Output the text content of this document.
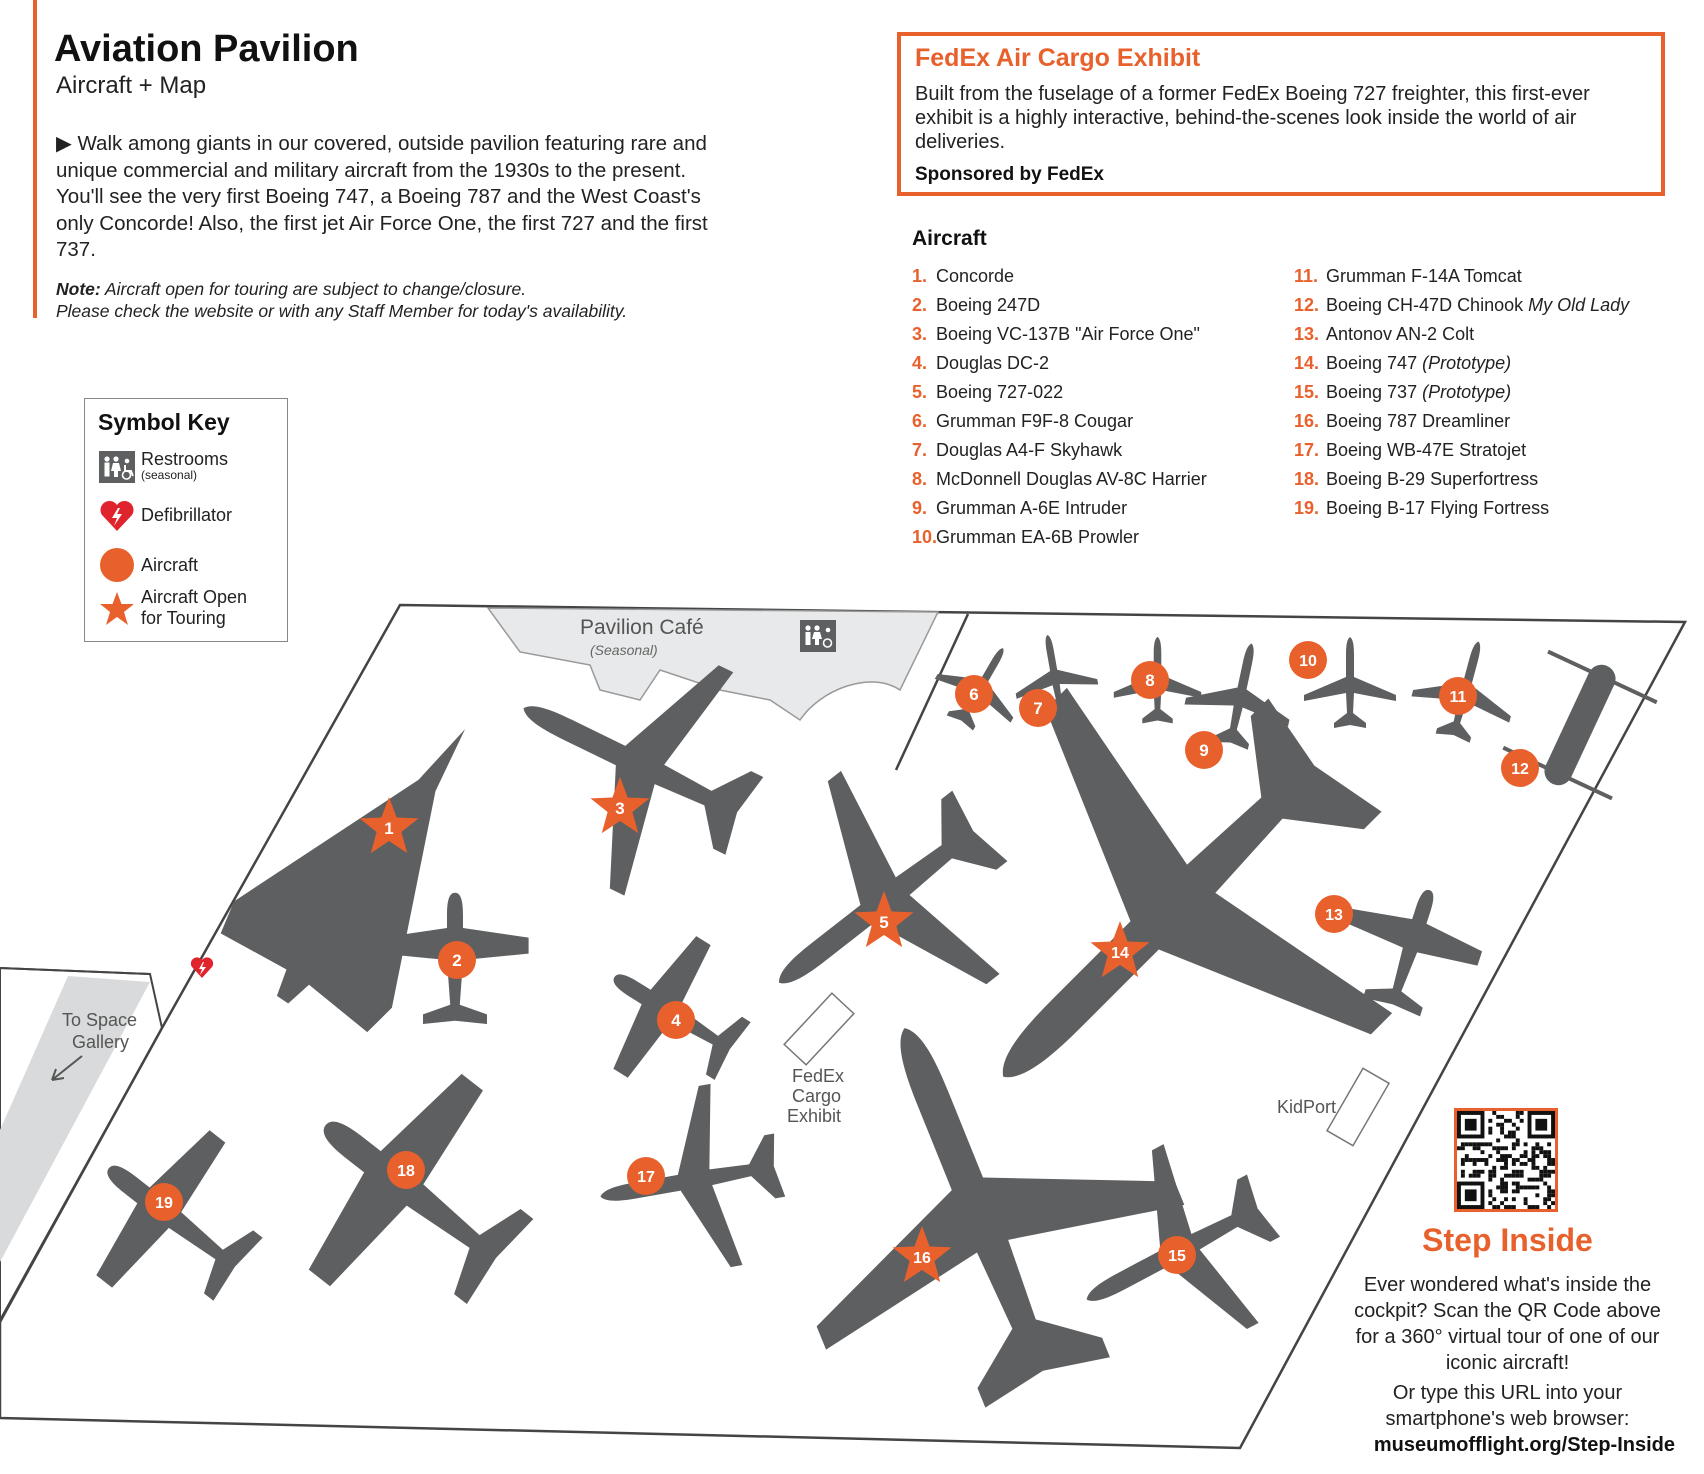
Aviation Pavilion
Aircraft + Map
▶ Walk among giants in our covered, outside pavilion featuring rare and unique commercial and military aircraft from the 1930s to the present. You'll see the very first Boeing 747, a Boeing 787 and the West Coast's only Concorde! Also, the first jet Air Force One, the first 727 and the first 737.
Note: Aircraft open for touring are subject to change/closure.
Please check the website or with any Staff Member for today's availability.
FedEx Air Cargo Exhibit
Built from the fuselage of a former FedEx Boeing 727 freighter, this first-ever exhibit is a highly interactive, behind-the-scenes look inside the world of air deliveries.
Sponsored by FedEx
Aircraft
1. Concorde
2. Boeing 247D
3. Boeing VC-137B "Air Force One"
4. Douglas DC-2
5. Boeing 727-022
6. Grumman F9F-8 Cougar
7. Douglas A4-F Skyhawk
8. McDonnell Douglas AV-8C Harrier
9. Grumman A-6E Intruder
10.Grumman EA-6B Prowler
11. Grumman F-14A Tomcat
12. Boeing CH-47D Chinook My Old Lady
13. Antonov AN-2 Colt
14. Boeing 747 (Prototype)
15. Boeing 737 (Prototype)
16. Boeing 787 Dreamliner
17. Boeing WB-47E Stratojet
18. Boeing B-29 Superfortress
19. Boeing B-17 Flying Fortress
Symbol Key
Restrooms
(seasonal)
Defibrillator
Aircraft
Aircraft Open
for Touring	Pavilion Café
(Seasonal)
To Space
Gallery
FedEx
Cargo
Exhibit	KidPort
1
2
3
4
5
6
7
8
9
10
11
12
13
14
15
16
17
18
19
Step Inside
Ever wondered what's inside the cockpit? Scan the QR Code above for a 360° virtual tour of one of our iconic aircraft!
Or type this URL into your smartphone's web browser:
museumofflight.org/Step-Inside
